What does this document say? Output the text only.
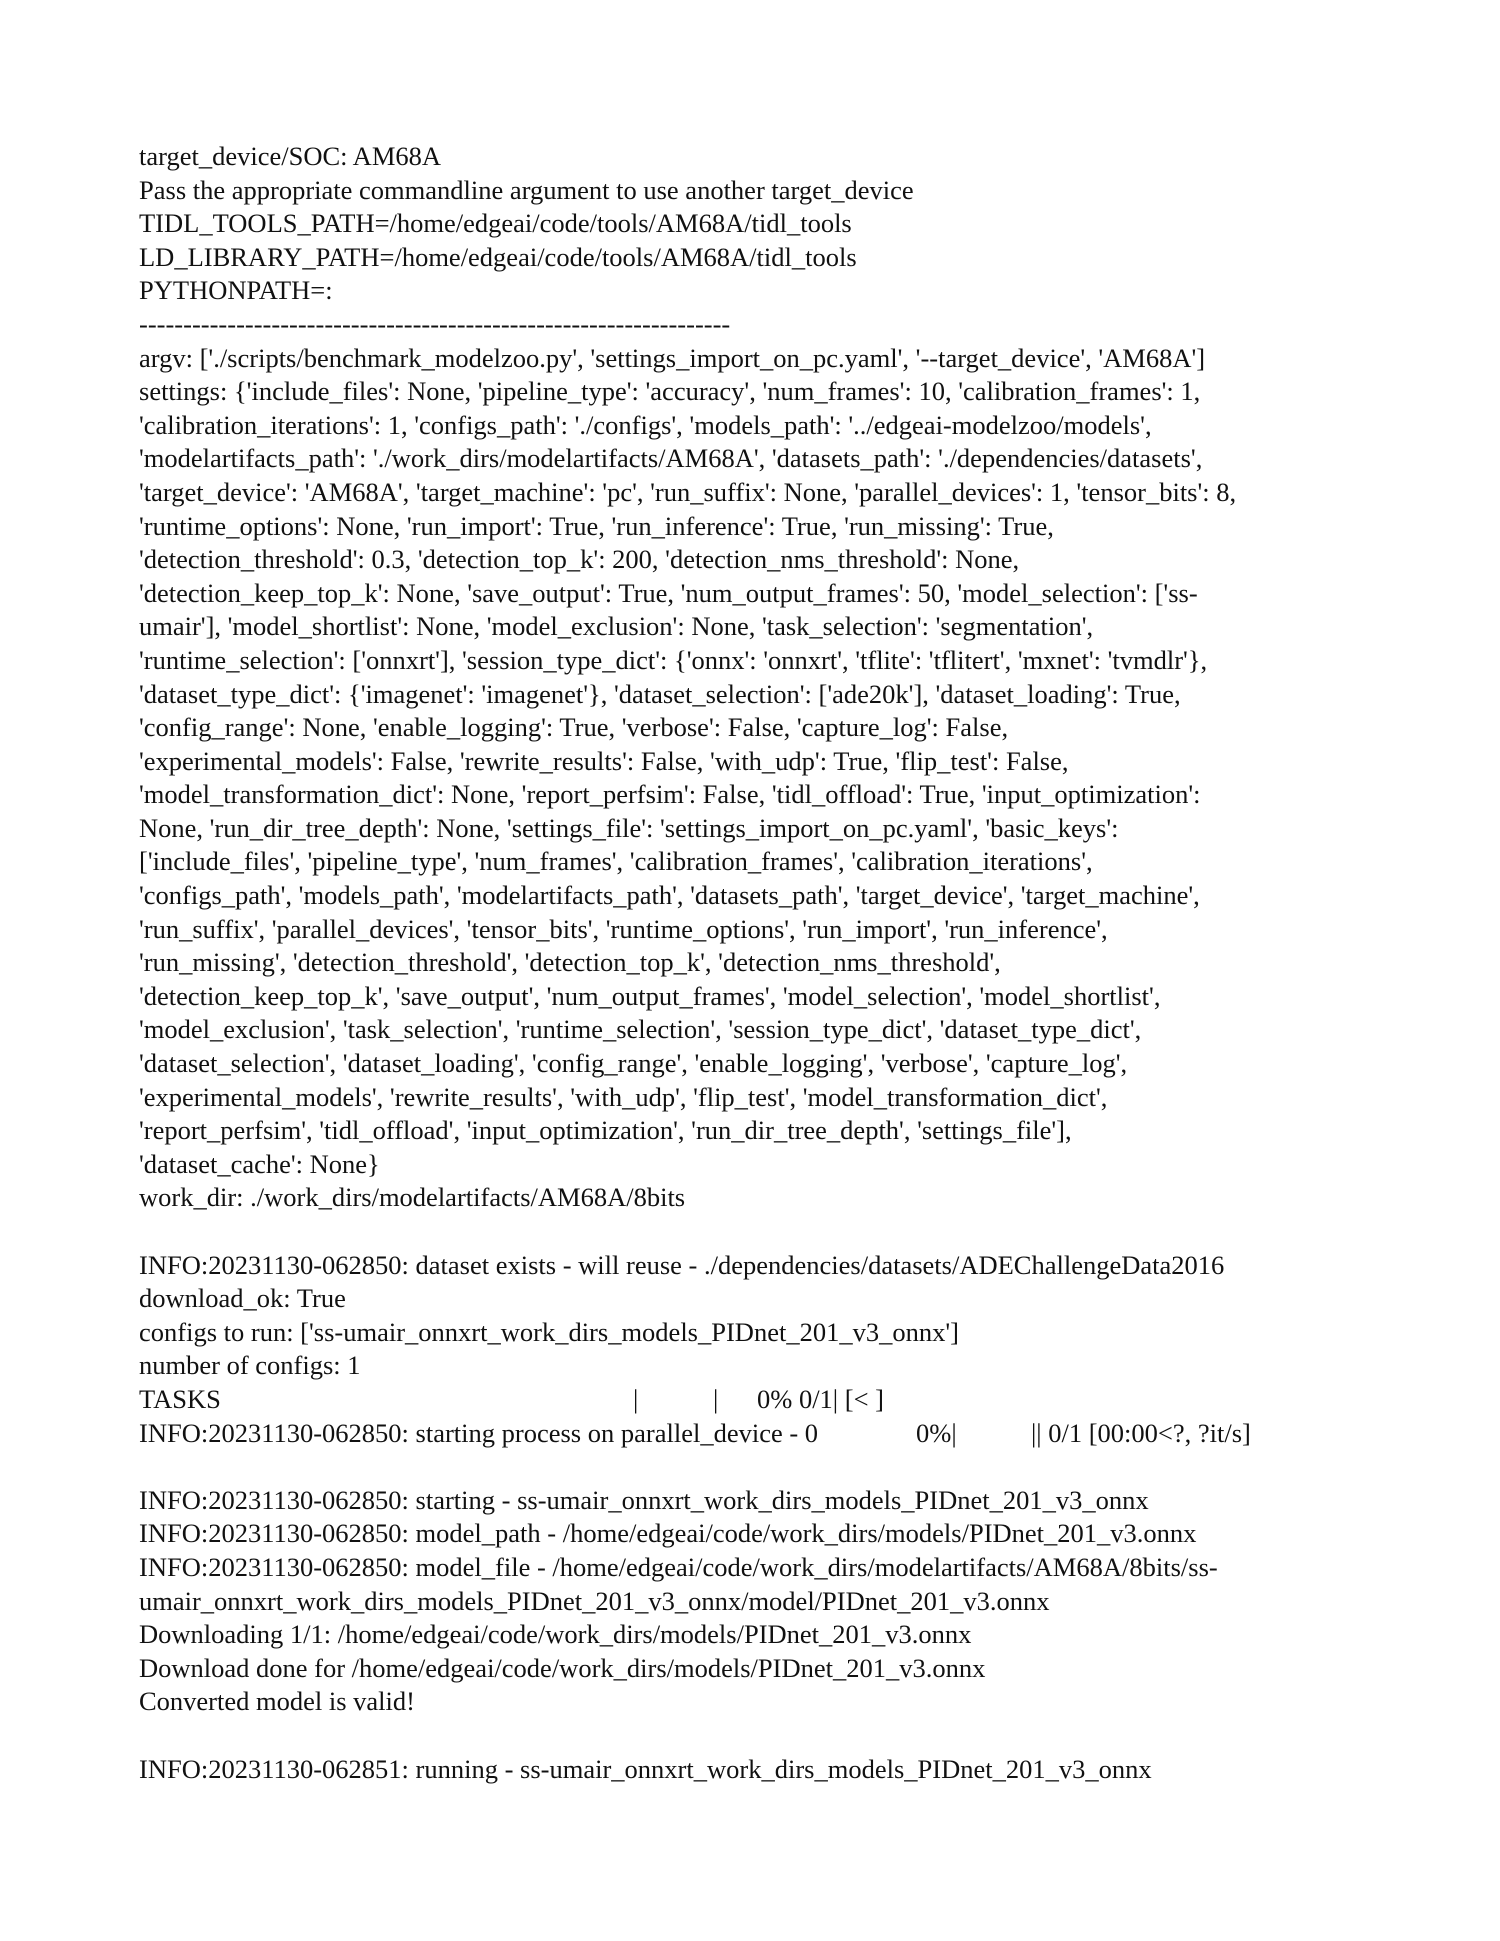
target_device/SOC: AM68A
Pass the appropriate commandline argument to use another target_device
TIDL_TOOLS_PATH=/home/edgeai/code/tools/AM68A/tidl_tools
LD_LIBRARY_PATH=/home/edgeai/code/tools/AM68A/tidl_tools
PYTHONPATH=:
-------------------------------------------------------------------
argv: ['./scripts/benchmark_modelzoo.py', 'settings_import_on_pc.yaml', '--target_device', 'AM68A']
settings: {'include_files': None, 'pipeline_type': 'accuracy', 'num_frames': 10, 'calibration_frames': 1,
'calibration_iterations': 1, 'configs_path': './configs', 'models_path': '../edgeai-modelzoo/models',
'modelartifacts_path': './work_dirs/modelartifacts/AM68A', 'datasets_path': './dependencies/datasets',
'target_device': 'AM68A', 'target_machine': 'pc', 'run_suffix': None, 'parallel_devices': 1, 'tensor_bits': 8,
'runtime_options': None, 'run_import': True, 'run_inference': True, 'run_missing': True,
'detection_threshold': 0.3, 'detection_top_k': 200, 'detection_nms_threshold': None,
'detection_keep_top_k': None, 'save_output': True, 'num_output_frames': 50, 'model_selection': ['ss-
umair'], 'model_shortlist': None, 'model_exclusion': None, 'task_selection': 'segmentation',
'runtime_selection': ['onnxrt'], 'session_type_dict': {'onnx': 'onnxrt', 'tflite': 'tflitert', 'mxnet': 'tvmdlr'},
'dataset_type_dict': {'imagenet': 'imagenet'}, 'dataset_selection': ['ade20k'], 'dataset_loading': True,
'config_range': None, 'enable_logging': True, 'verbose': False, 'capture_log': False,
'experimental_models': False, 'rewrite_results': False, 'with_udp': True, 'flip_test': False,
'model_transformation_dict': None, 'report_perfsim': False, 'tidl_offload': True, 'input_optimization':
None, 'run_dir_tree_depth': None, 'settings_file': 'settings_import_on_pc.yaml', 'basic_keys':
['include_files', 'pipeline_type', 'num_frames', 'calibration_frames', 'calibration_iterations',
'configs_path', 'models_path', 'modelartifacts_path', 'datasets_path', 'target_device', 'target_machine',
'run_suffix', 'parallel_devices', 'tensor_bits', 'runtime_options', 'run_import', 'run_inference',
'run_missing', 'detection_threshold', 'detection_top_k', 'detection_nms_threshold',
'detection_keep_top_k', 'save_output', 'num_output_frames', 'model_selection', 'model_shortlist',
'model_exclusion', 'task_selection', 'runtime_selection', 'session_type_dict', 'dataset_type_dict',
'dataset_selection', 'dataset_loading', 'config_range', 'enable_logging', 'verbose', 'capture_log',
'experimental_models', 'rewrite_results', 'with_udp', 'flip_test', 'model_transformation_dict',
'report_perfsim', 'tidl_offload', 'input_optimization', 'run_dir_tree_depth', 'settings_file'],
'dataset_cache': None}
work_dir: ./work_dirs/modelartifacts/AM68A/8bits
INFO:20231130-062850: dataset exists - will reuse - ./dependencies/datasets/ADEChallengeData2016
download_ok: True
configs to run: ['ss-umair_onnxrt_work_dirs_models_PIDnet_201_v3_onnx']
number of configs: 1
TASKS	|	| 0% 0/1| [< ]
INFO:20231130-062850: starting process on parallel_device - 0	0%|	|| 0/1 [00:00<?, ?it/s]
INFO:20231130-062850: starting - ss-umair_onnxrt_work_dirs_models_PIDnet_201_v3_onnx
INFO:20231130-062850: model_path - /home/edgeai/code/work_dirs/models/PIDnet_201_v3.onnx
INFO:20231130-062850: model_file - /home/edgeai/code/work_dirs/modelartifacts/AM68A/8bits/ss-
umair_onnxrt_work_dirs_models_PIDnet_201_v3_onnx/model/PIDnet_201_v3.onnx
Downloading 1/1: /home/edgeai/code/work_dirs/models/PIDnet_201_v3.onnx
Download done for /home/edgeai/code/work_dirs/models/PIDnet_201_v3.onnx
Converted model is valid!
INFO:20231130-062851: running - ss-umair_onnxrt_work_dirs_models_PIDnet_201_v3_onnx
